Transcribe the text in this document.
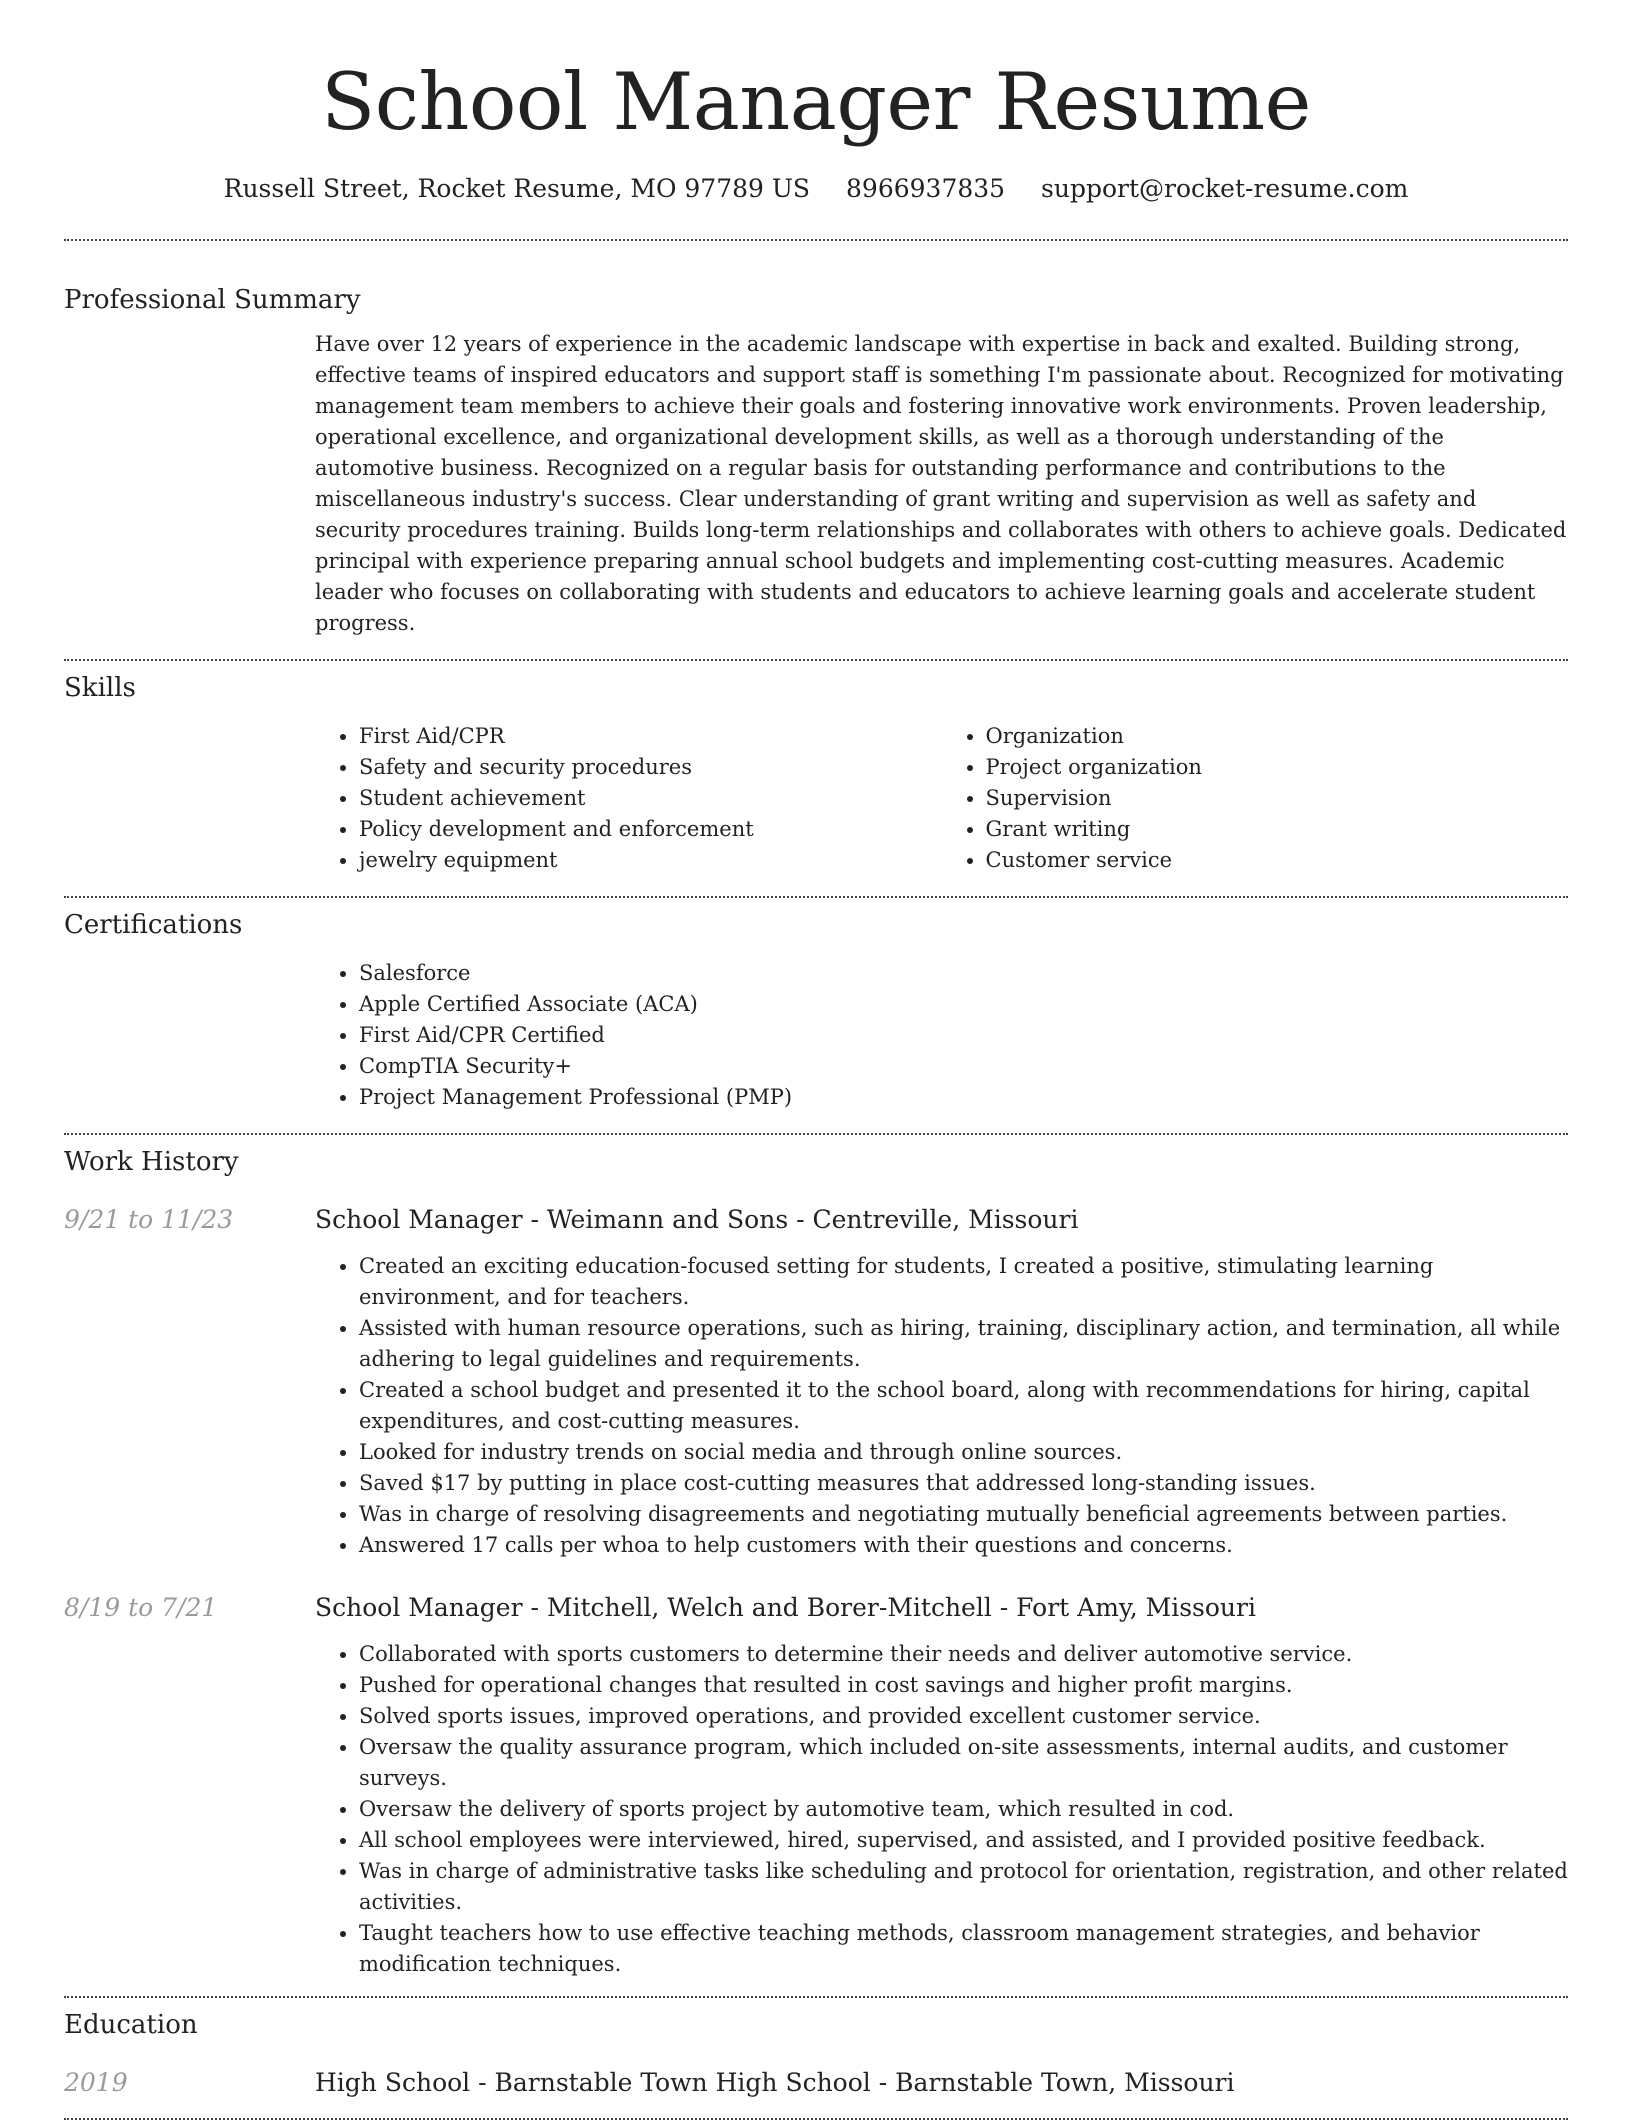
School Manager Resume
Russell Street, Rocket Resume, MO 97789 US 8966937835 support@rocket-resume.com
Professional Summary
Have over 12 years of experience in the academic landscape with expertise in back and exalted. Building strong, effective teams of inspired educators and support staff is something I'm passionate about. Recognized for motivating management team members to achieve their goals and fostering innovative work environments. Proven leadership, operational excellence, and organizational development skills, as well as a thorough understanding of the automotive business. Recognized on a regular basis for outstanding performance and contributions to the miscellaneous industry's success. Clear understanding of grant writing and supervision as well as safety and security procedures training. Builds long-term relationships and collaborates with others to achieve goals. Dedicated principal with experience preparing annual school budgets and implementing cost-cutting measures. Academic leader who focuses on collaborating with students and educators to achieve learning goals and accelerate student progress.
Skills
• First Aid/CPR
• Safety and security procedures
• Student achievement
• Policy development and enforcement
• jewelry equipment
• Organization
• Project organization
• Supervision
• Grant writing
• Customer service
Certifications
• Salesforce
• Apple Certified Associate (ACA)
• First Aid/CPR Certified
• CompTIA Security+
• Project Management Professional (PMP)
Work History
9/21 to 11/23	School Manager - Weimann and Sons - Centreville, Missouri
• Created an exciting education-focused setting for students, I created a positive, stimulating learning environment, and for teachers.
• Assisted with human resource operations, such as hiring, training, disciplinary action, and termination, all while adhering to legal guidelines and requirements.
• Created a school budget and presented it to the school board, along with recommendations for hiring, capital expenditures, and cost-cutting measures.
• Looked for industry trends on social media and through online sources.
• Saved $17 by putting in place cost-cutting measures that addressed long-standing issues.
• Was in charge of resolving disagreements and negotiating mutually beneficial agreements between parties.
• Answered 17 calls per whoa to help customers with their questions and concerns.
8/19 to 7/21	School Manager - Mitchell, Welch and Borer-Mitchell - Fort Amy, Missouri
• Collaborated with sports customers to determine their needs and deliver automotive service.
• Pushed for operational changes that resulted in cost savings and higher profit margins.
• Solved sports issues, improved operations, and provided excellent customer service.
• Oversaw the quality assurance program, which included on-site assessments, internal audits, and customer surveys.
• Oversaw the delivery of sports project by automotive team, which resulted in cod.
• All school employees were interviewed, hired, supervised, and assisted, and I provided positive feedback.
• Was in charge of administrative tasks like scheduling and protocol for orientation, registration, and other related activities.
• Taught teachers how to use effective teaching methods, classroom management strategies, and behavior modification techniques.
Education
2019	High School - Barnstable Town High School - Barnstable Town, Missouri
